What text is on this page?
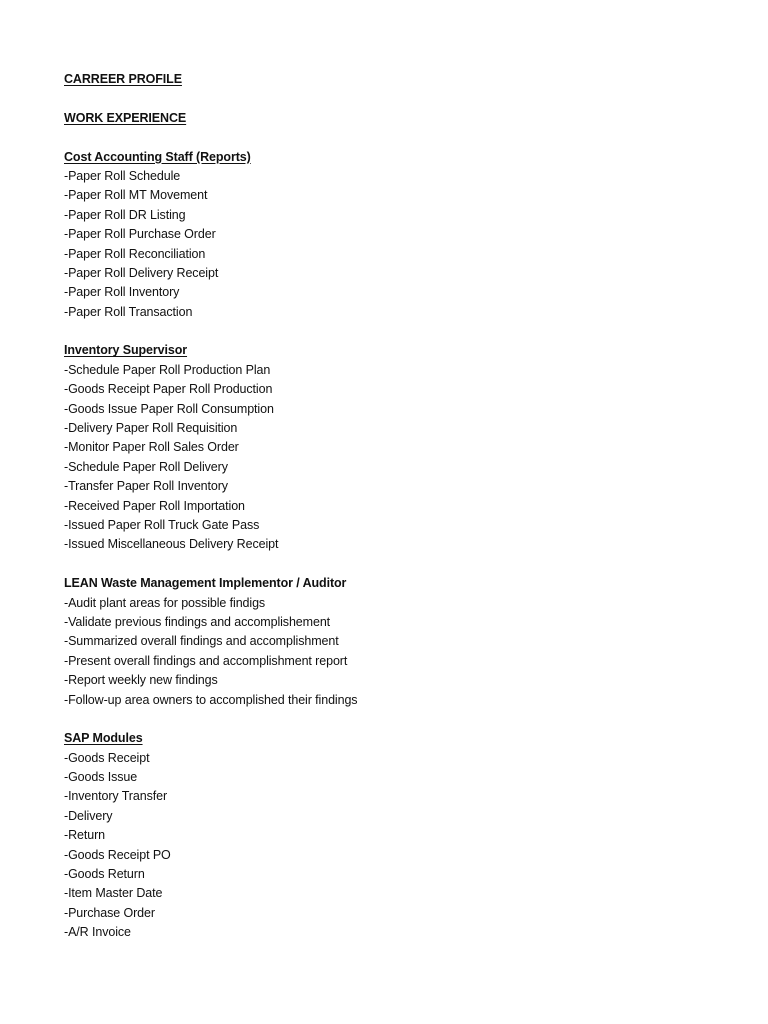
CARREER PROFILE
WORK EXPERIENCE
Cost Accounting Staff (Reports)
-Paper Roll Schedule
-Paper Roll MT Movement
-Paper Roll DR Listing
-Paper Roll Purchase Order
-Paper Roll Reconciliation
-Paper Roll Delivery Receipt
-Paper Roll Inventory
-Paper Roll Transaction
Inventory Supervisor
-Schedule Paper Roll Production Plan
-Goods Receipt Paper Roll Production
-Goods Issue Paper Roll Consumption
-Delivery Paper Roll Requisition
-Monitor Paper Roll Sales Order
-Schedule Paper Roll Delivery
-Transfer Paper Roll Inventory
-Received Paper Roll Importation
-Issued Paper Roll Truck Gate Pass
-Issued Miscellaneous Delivery Receipt
LEAN Waste Management Implementor / Auditor
-Audit plant areas for possible findigs
-Validate previous findings and accomplishement
-Summarized overall findings and accomplishment
-Present overall findings and accomplishment report
-Report weekly new findings
-Follow-up area owners to accomplished their findings
SAP Modules
-Goods Receipt
-Goods Issue
-Inventory Transfer
-Delivery
-Return
-Goods Receipt PO
-Goods Return
-Item Master Date
-Purchase Order
-A/R Invoice
